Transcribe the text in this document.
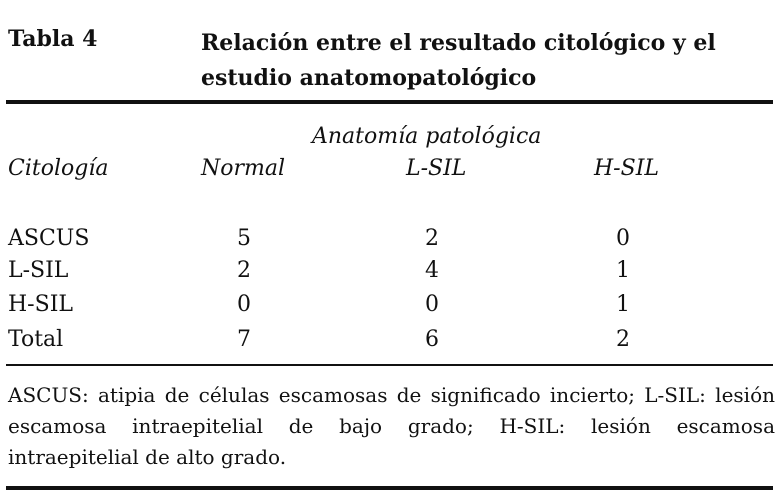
Tabla 4	Relación entre el resultado citológico y el estudio anatomopatológico
Anatomía patológica
Citología	Normal	L-SIL	H-SIL
ASCUS	5	2	0
L-SIL	2	4	1
H-SIL	0	0	1
Total	7	6	2
ASCUS: atipia de células escamosas de significado incierto; L-SIL: lesión escamosa intraepitelial de bajo grado; H-SIL: lesión escamosa intraepitelial de alto grado.
